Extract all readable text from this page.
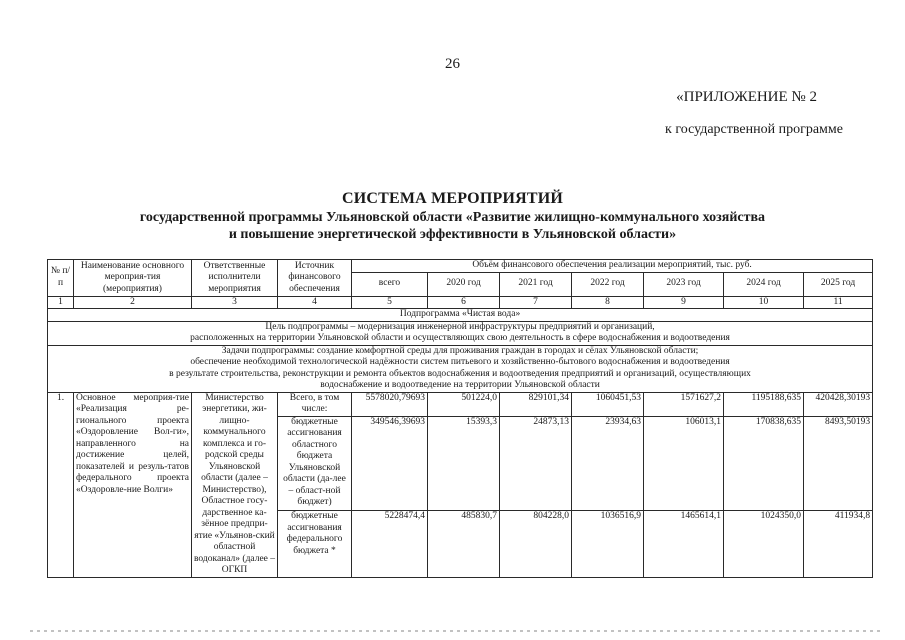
26
«ПРИЛОЖЕНИЕ № 2
к государственной программе
СИСТЕМА МЕРОПРИЯТИЙ
государственной программы Ульяновской области «Развитие жилищно-коммунального хозяйства
и повышение энергетической эффективности в Ульяновской области»
№ п/п	Наименование основного мероприя-тия (мероприятия)	Ответственные исполнители мероприятия	Источник финансового обеспечения	Объём финансового обеспечения реализации мероприятий, тыс. руб.						
				всего	2020 год	2021 год	2022 год	2023 год	2024 год	2025 год
1	2	3	4	5	6	7	8	9	10	11
Подпрограмма «Чистая вода»										

Цель подпрограммы – модернизация инженерной инфраструктуры предприятий и организаций,
расположенных на территории Ульяновской области и осуществляющих свою деятельность в сфере водоснабжения и водоотведения										

Задачи подпрограммы: создание комфортной среды для проживания граждан в городах и сёлах Ульяновской области;
обеспечение необходимой технологической надёжности систем питьевого и хозяйственно-бытового водоснабжения и водоотведения
в результате строительства, реконструкции и ремонта объектов водоснабжения и водоотведения предприятий и организаций, осуществляющих
водоснабжение и водоотведение на территории Ульяновской области										

1.	Основное мероприя-тие «Реализация ре-гионального проекта «Оздоровление Вол-ги», направленного на достижение целей, показателей и резуль-татов федерального проекта «Оздоровле-ние Волги»	Министерство энергетики, жи-лищно-коммунального комплекса и го-родской среды Ульяновской области (далее – Министерство), Областное госу-дарственное ка-зённое предпри-ятие «Ульянов-ский областной водоканал» (далее – ОГКП	Всего, в том числе:	5578020,79693	501224,0	829101,34	1060451,53	1571627,2	1195188,635	420428,30193
			бюджетные ассигнования областного бюджета Ульяновской области (да-лее – област-ной бюджет)	349546,39693	15393,3	24873,13	23934,63	106013,1	170838,635	8493,50193
			бюджетные ассигнования федерального бюджета *	5228474,4	485830,7	804228,0	1036516,9	1465614,1	1024350,0	411934,8
